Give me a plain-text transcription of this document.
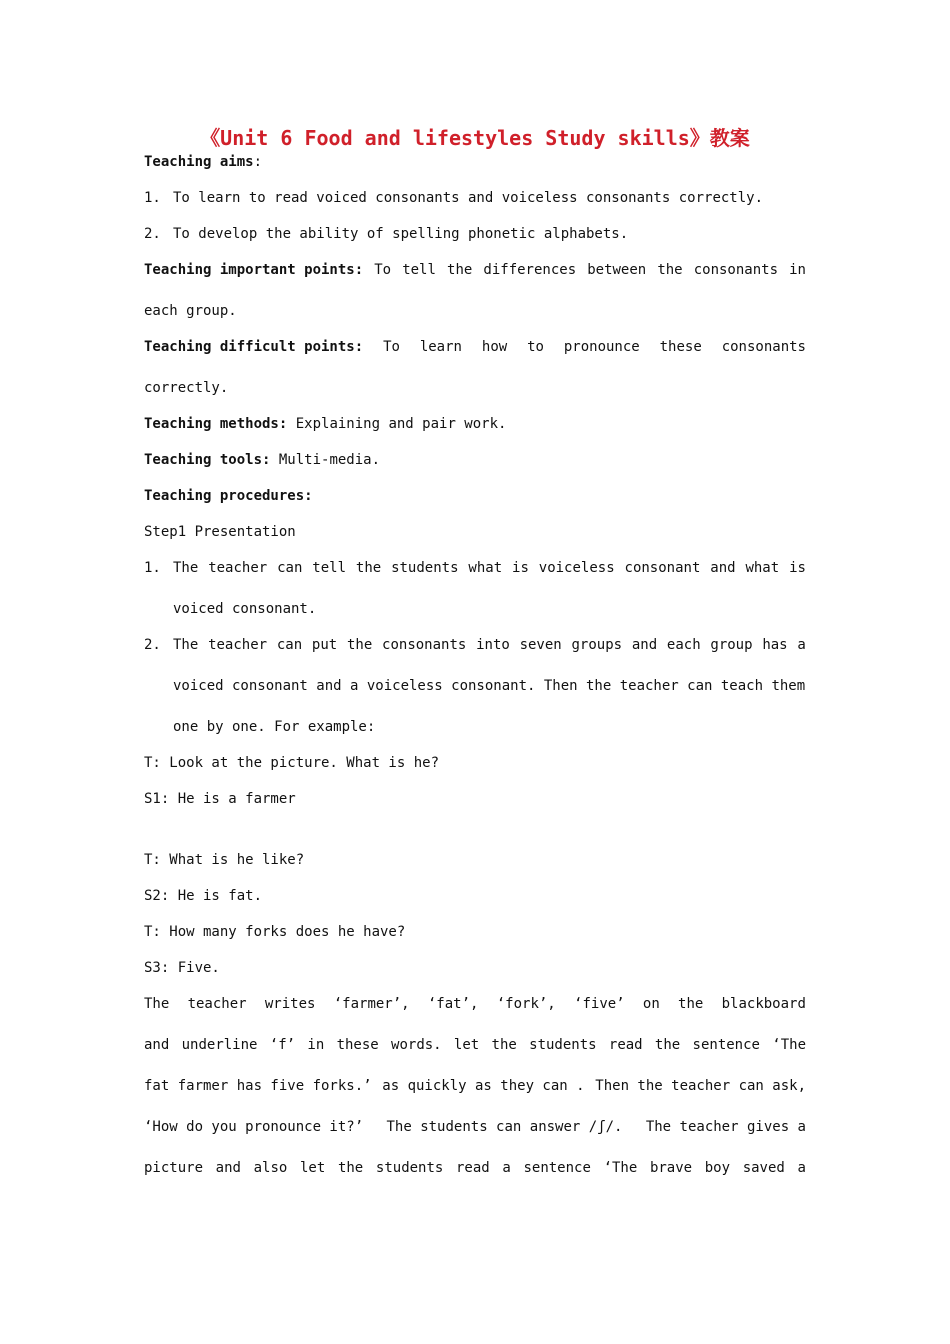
《Unit 6 Food and lifestyles Study skills》教案
Teaching aims:
1. To learn to read voiced consonants and voiceless consonants correctly.
2. To develop the ability of spelling phonetic alphabets.
Teaching important points: To tell the differences between the consonants in
each group.
Teaching difficult points: To learn how to pronounce these consonants
correctly.
Teaching methods: Explaining and pair work.
Teaching tools: Multi-media.
Teaching procedures:
Step1 Presentation
1. The teacher can tell the students what is voiceless consonant and what is
voiced consonant.
2. The teacher can put the consonants into seven groups and each group has a
voiced consonant and a voiceless consonant. Then the teacher can teach them
one by one. For example:
T: Look at the picture. What is he?
S1: He is a farmer
T: What is he like?
S2: He is fat.
T: How many forks does he have?
S3: Five.
The teacher writes ‘farmer’, ‘fat’, ‘fork’, ‘five’ on the blackboard
and underline ‘f’ in these words. let the students read the sentence ‘The
fat farmer has five forks.’ as quickly as they can . Then the teacher can ask,
‘How do you pronounce it?’ The students can answer /ʃ/. The teacher gives a
picture and also let the students read a sentence ‘The brave boy saved a
